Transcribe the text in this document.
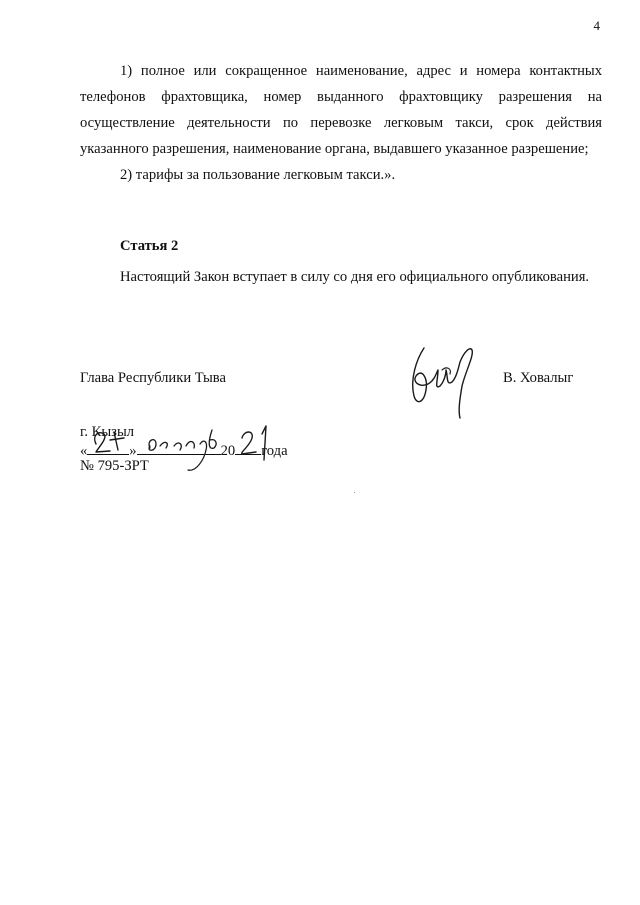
4

1) полное или сокращенное наименование, адрес и номера контактных телефонов фрахтовщика, номер выданного фрахтовщику разрешения на осуществление деятельности по перевозке легковым такси, срок действия указанного разрешения, наименование органа, выдавшего указанное разрешение;

2) тарифы за пользование легковым такси.».

Статья 2

Настоящий Закон вступает в силу со дня его официального опубликования.

Глава Республики Тыва	В. Ховалыг
г. Кызыл
«	»	20 года
№ 795-ЗРТ
